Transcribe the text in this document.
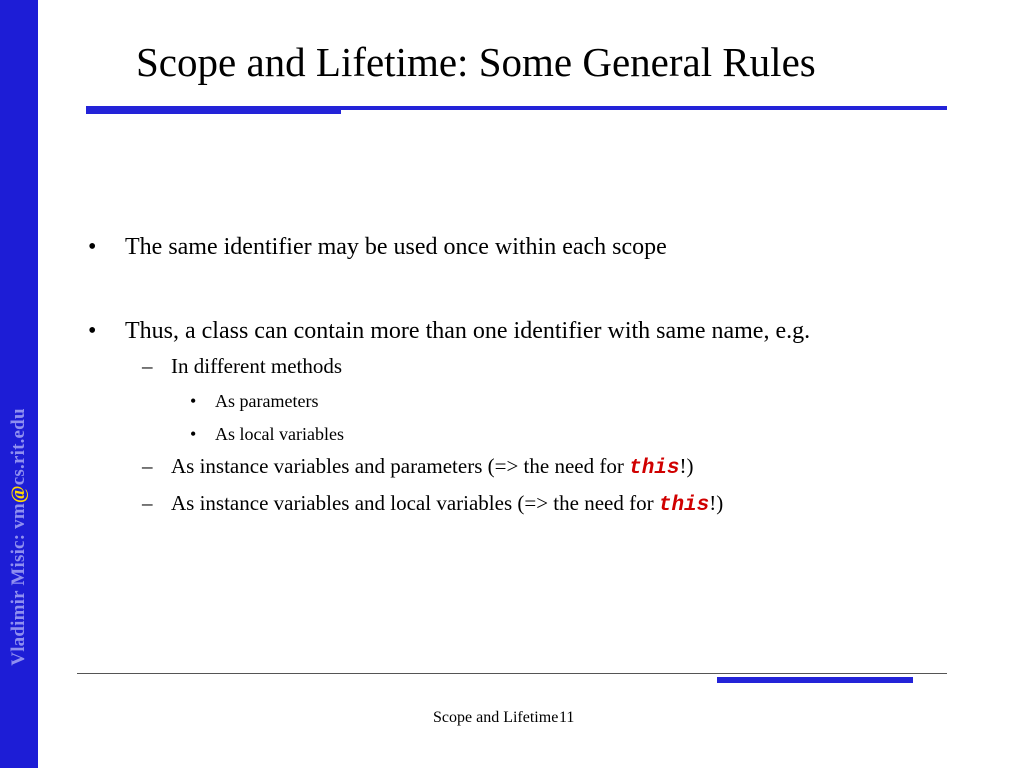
Vladimir Misic: vm@cs.rit.edu
Scope and Lifetime: Some General Rules
• The same identifier may be used once within each scope
• Thus, a class can contain more than one identifier with same name, e.g.
– In different methods
• As parameters
• As local variables
– As instance variables and parameters (=> the need for this!)
– As instance variables and local variables (=> the need for this!)
Scope and Lifetime 11
